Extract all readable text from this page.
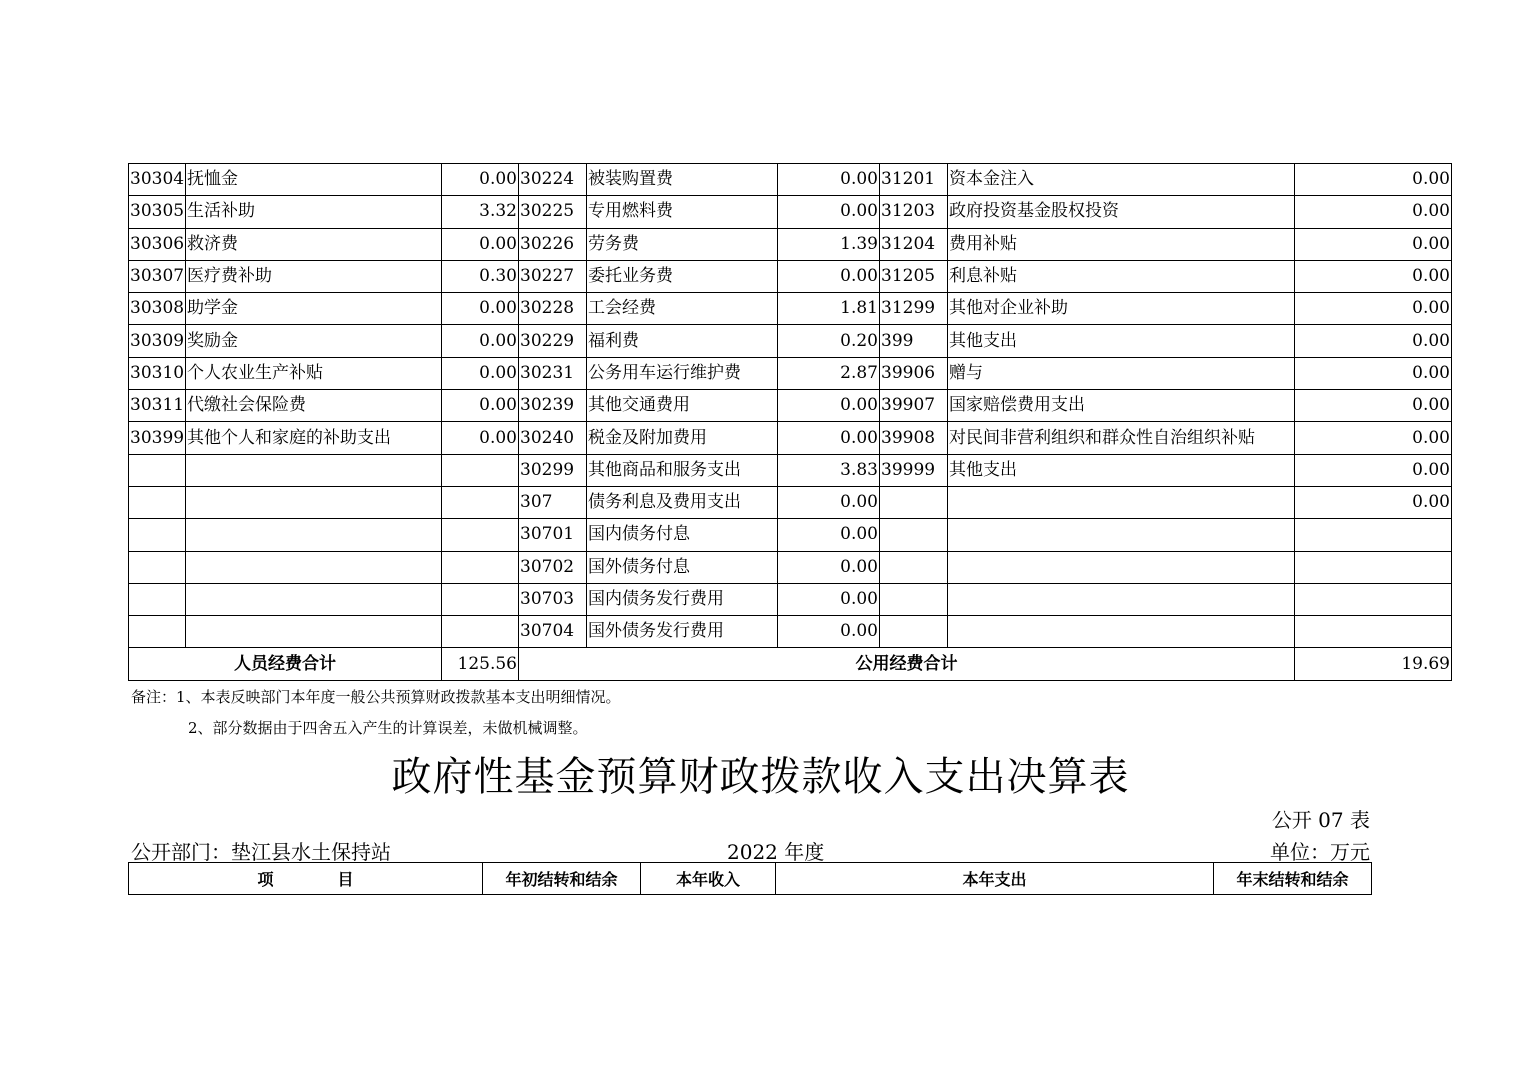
30304	抚恤金	0.00	30224	被装购置费	0.00	31201	资本金注入	0.00
30305	生活补助	3.32	30225	专用燃料费	0.00	31203	政府投资基金股权投资	0.00
30306	救济费	0.00	30226	劳务费	1.39	31204	费用补贴	0.00
30307	医疗费补助	0.30	30227	委托业务费	0.00	31205	利息补贴	0.00
30308	助学金	0.00	30228	工会经费	1.81	31299	其他对企业补助	0.00
30309	奖励金	0.00	30229	福利费	0.20	399	其他支出	0.00
30310	个人农业生产补贴	0.00	30231	公务用车运行维护费	2.87	39906	赠与	0.00
30311	代缴社会保险费	0.00	30239	其他交通费用	0.00	39907	国家赔偿费用支出	0.00
30399	其他个人和家庭的补助支出	0.00	30240	税金及附加费用	0.00	39908	对民间非营利组织和群众性自治组织补贴	0.00
			30299	其他商品和服务支出	3.83	39999	其他支出	0.00
			307	债务利息及费用支出	0.00			0.00
			30701	国内债务付息	0.00			
			30702	国外债务付息	0.00			
			30703	国内债务发行费用	0.00			
			30704	国外债务发行费用	0.00			
人员经费合计		125.56	公用经费合计					19.69
备注：1、本表反映部门本年度一般公共预算财政拨款基本支出明细情况。
2、部分数据由于四舍五入产生的计算误差，未做机械调整。
政府性基金预算财政拨款收入支出决算表
公开 07 表
公开部门：垫江县水土保持站	2022 年度	单位：万元
项　　　　目	年初结转和结余	本年收入	本年支出	年末结转和结余
